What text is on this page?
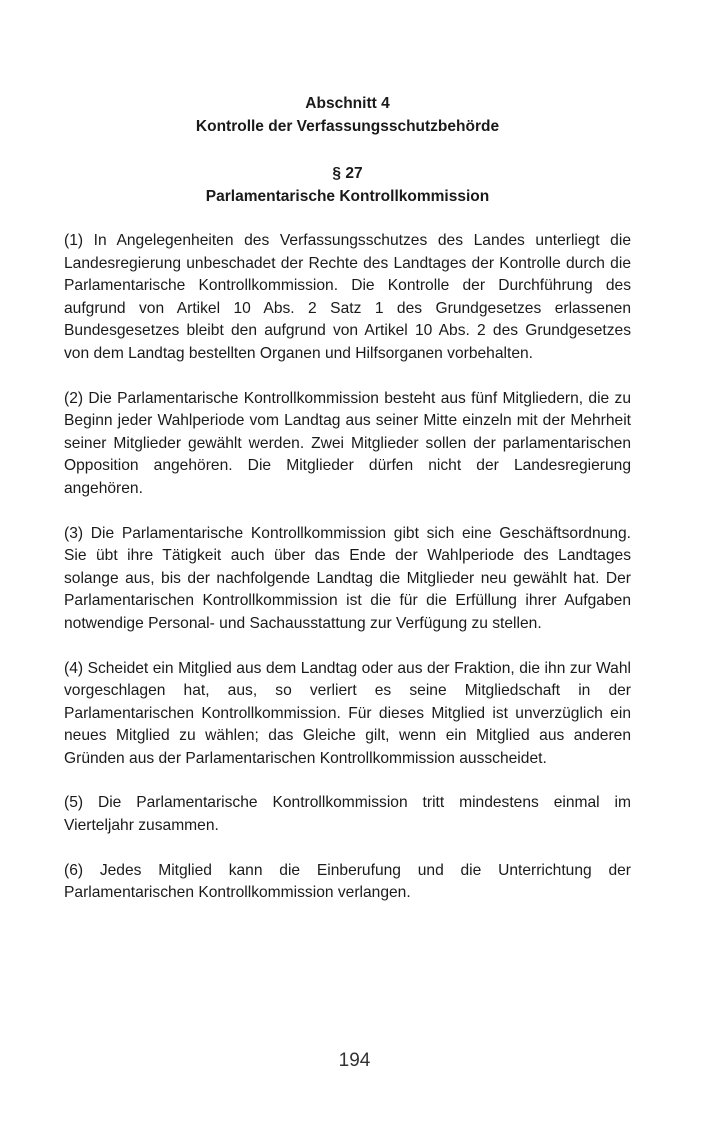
Abschnitt 4
Kontrolle der Verfassungsschutzbehörde
§ 27
Parlamentarische Kontrollkommission

(1) In Angelegenheiten des Verfassungsschutzes des Landes unterliegt die Landesregierung unbeschadet der Rechte des Landtages der Kontrolle durch die Parlamentarische Kontrollkommission. Die Kontrolle der Durchführung des aufgrund von Artikel 10 Abs. 2 Satz 1 des Grundgesetzes erlassenen Bundesgesetzes bleibt den aufgrund von Artikel 10 Abs. 2 des Grundgesetzes von dem Landtag bestellten Organen und Hilfsorganen vorbehalten.

(2) Die Parlamentarische Kontrollkommission besteht aus fünf Mitgliedern, die zu Beginn jeder Wahlperiode vom Landtag aus seiner Mitte einzeln mit der Mehrheit seiner Mitglieder gewählt werden. Zwei Mitglieder sollen der parlamentarischen Opposition angehören. Die Mitglieder dürfen nicht der Landesregierung angehören.

(3) Die Parlamentarische Kontrollkommission gibt sich eine Geschäftsordnung. Sie übt ihre Tätigkeit auch über das Ende der Wahlperiode des Landtages solange aus, bis der nachfolgende Landtag die Mitglieder neu gewählt hat. Der Parlamentarischen Kontrollkommission ist die für die Erfüllung ihrer Aufgaben notwendige Personal- und Sachausstattung zur Verfügung zu stellen.

(4) Scheidet ein Mitglied aus dem Landtag oder aus der Fraktion, die ihn zur Wahl vorgeschlagen hat, aus, so verliert es seine Mitgliedschaft in der Parlamentarischen Kontrollkommission. Für dieses Mitglied ist unverzüglich ein neues Mitglied zu wählen; das Gleiche gilt, wenn ein Mitglied aus anderen Gründen aus der Parlamentarischen Kontrollkommission ausscheidet.

(5) Die Parlamentarische Kontrollkommission tritt mindestens einmal im Vierteljahr zusammen.

(6) Jedes Mitglied kann die Einberufung und die Unterrichtung der Parlamentarischen Kontrollkommission verlangen.

194
